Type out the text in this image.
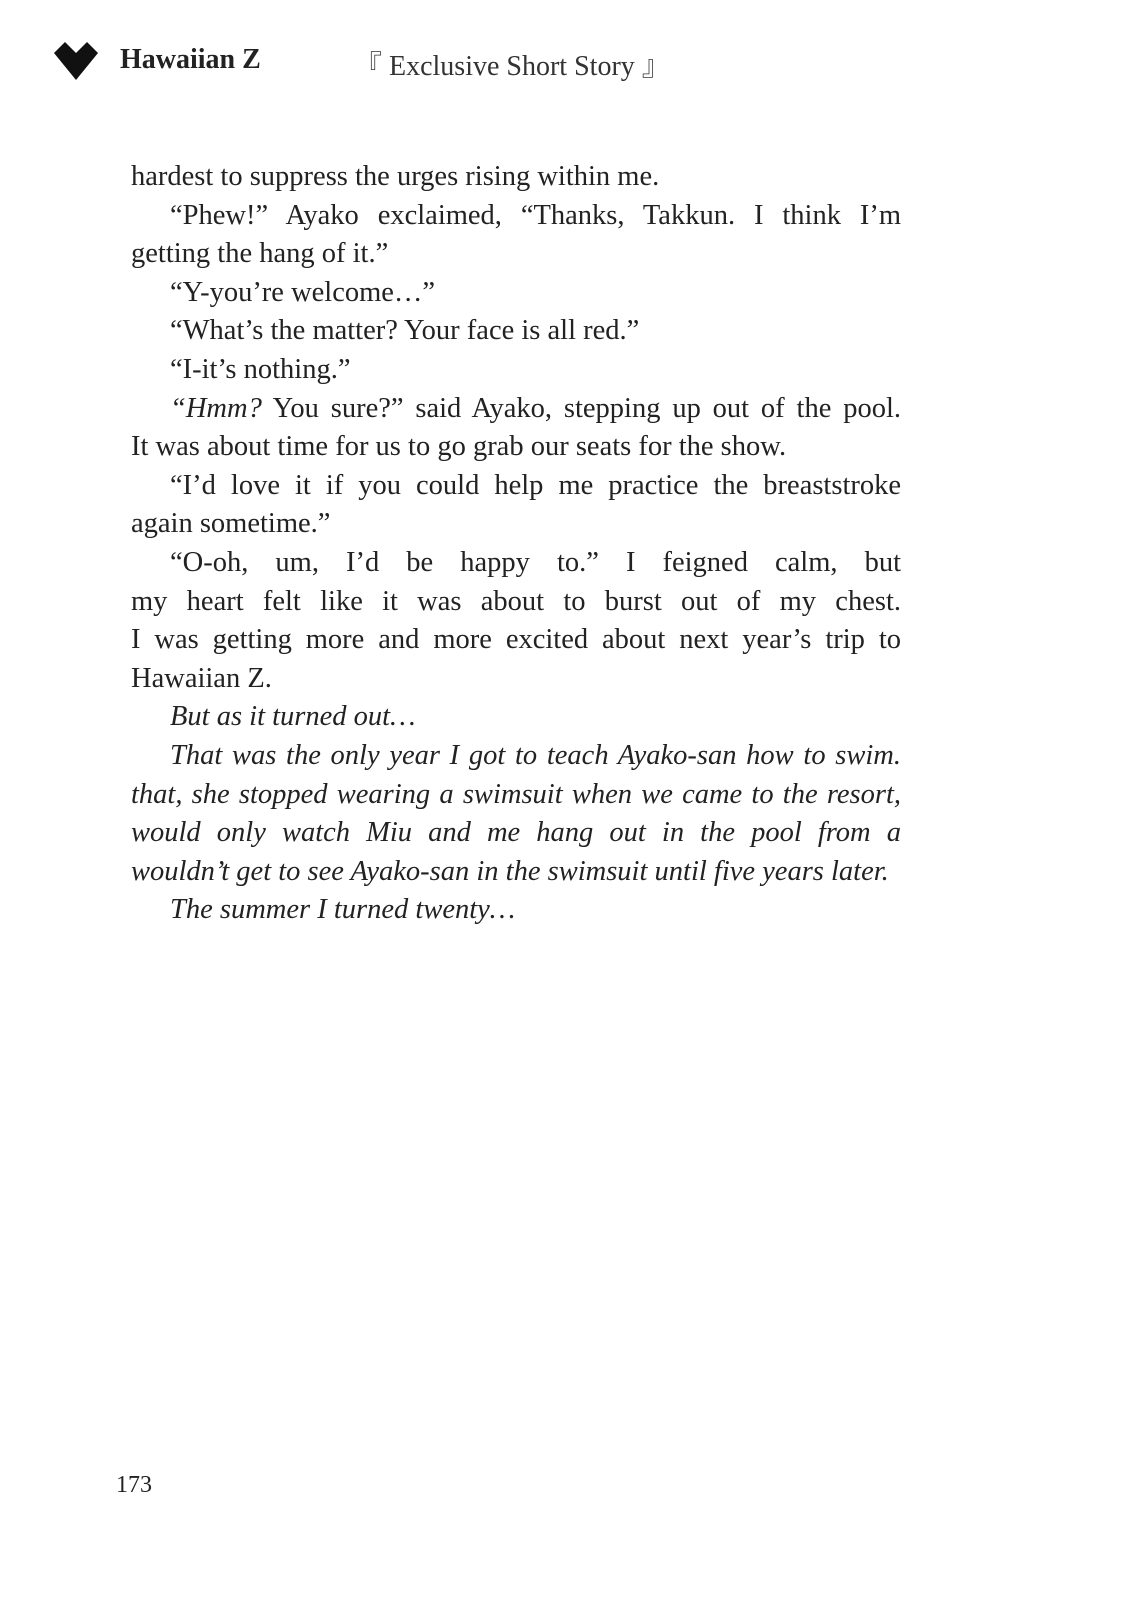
Hawaiian Z	『 Exclusive Short Story 』
hardest to suppress the urges rising within me.
“Phew!” Ayako exclaimed, “Thanks, Takkun. I think I’m
getting the hang of it.”
“Y-you’re welcome…”
“What’s the matter? Your face is all red.”
“I-it’s nothing.”
“Hmm? You sure?” said Ayako, stepping up out of the pool.
It was about time for us to go grab our seats for the show.
“I’d love it if you could help me practice the breaststroke
again sometime.”
“O-oh, um, I’d be happy to.” I feigned calm, but
my heart felt like it was about to burst out of my chest.
I was getting more and more excited about next year’s trip to
Hawaiian Z.
But as it turned out…
That was the only year I got to teach Ayako-san how to swim.
that, she stopped wearing a swimsuit when we came to the resort,
would only watch Miu and me hang out in the pool from a
wouldn’t get to see Ayako-san in the swimsuit until five years later.
The summer I turned twenty…
173
